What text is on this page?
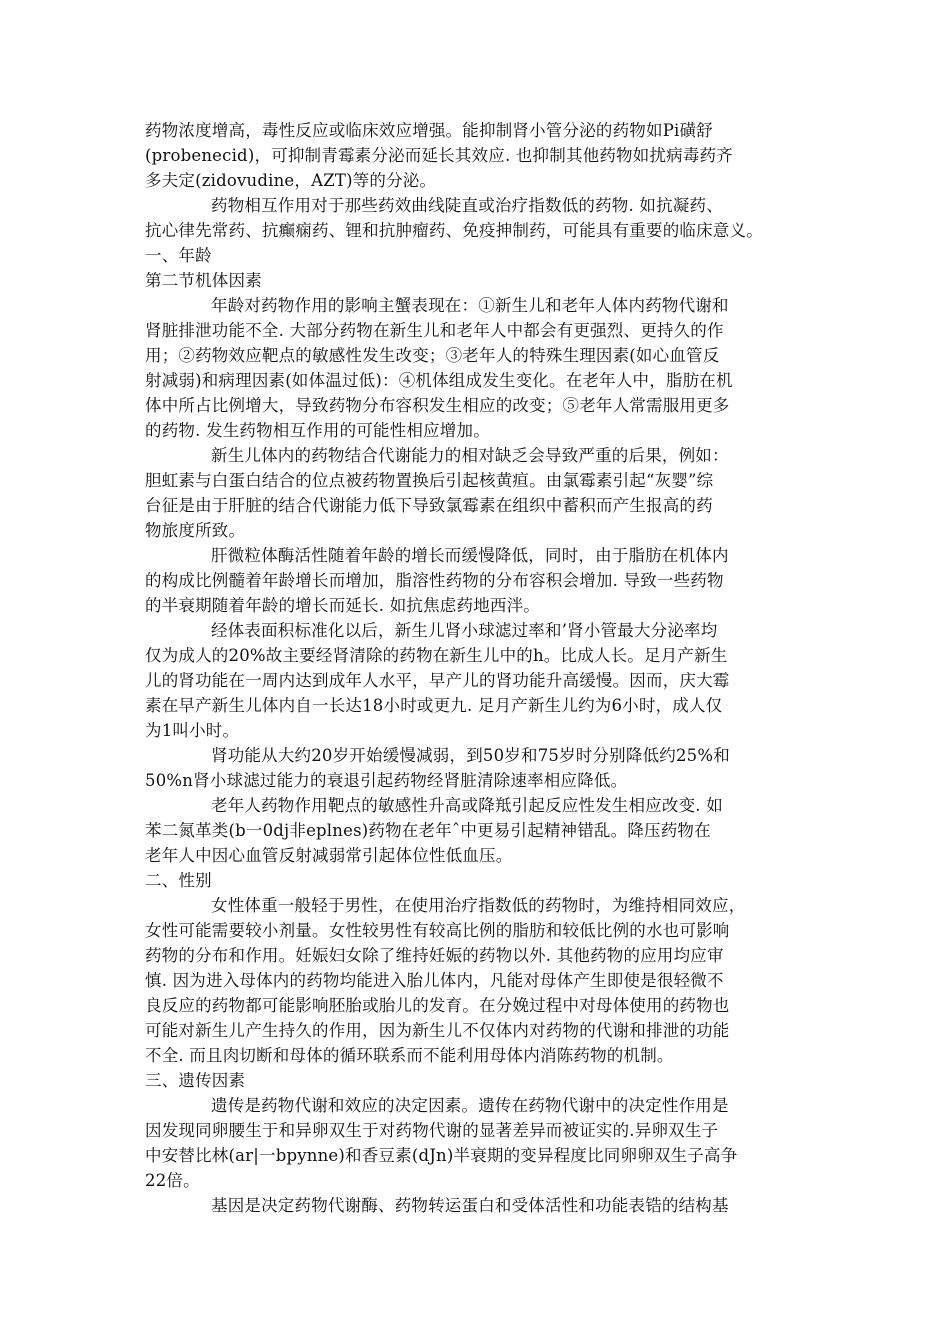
药物浓度增高，毒性反应或临床效应增强。能抑制肾小管分泌的药物如Pi磺舒
(probenecid)，可抑制青霉素分泌而延长其效应. 也抑制其他药物如扰病毒药齐
多夫定(zidovudine，AZT)等的分泌。
药物相互作用对于那些药效曲线陡直或治疗指数低的药物. 如抗凝药、
抗心律先常药、抗癫痫药、锂和抗肿瘤药、免疫抻制药，可能具有重要的临床意义。
一、年龄
第二节机体因素
年龄对药物作用的影响主蟹表现在：①新生儿和老年人体内药物代谢和
肾脏排泄功能不全. 大部分药物在新生儿和老年人中都会有更强烈、更持久的作
用；②药物效应靶点的敏感性发生改变；③老年人的特殊生理因素(如心血管反
射减弱)和病理因素(如体温过低)：④机体组成发生变化。在老年人中，脂肪在机
体中所占比例增大，导致药物分布容积发生相应的改变；⑤老年人常需服用更多
的药物. 发生药物相互作用的可能性相应增加。
新生儿体内的药物结合代谢能力的相对缺乏会导致严重的后果，例如：
胆虹素与白蛋白结合的位点被药物置换后引起核黄疸。由氯霉素引起“灰婴”综
台征是由于肝脏的结合代谢能力低下导致氯霉素在组织中蓄积而产生报高的药
物旅度所致。
肝微粒体酶活性随着年龄的增长而缓慢降低，同时，由于脂肪在机体内
的构成比例髓着年龄增长而增加，脂溶性药物的分布容积会增加. 导致一些药物
的半衰期随着年龄的增长而延长. 如抗焦虑药地西泮。
经体表面积标准化以后，新生儿肾小球滤过率和’肾小管最大分泌率均
仅为成人的20%故主要经肾清除的药物在新生儿中的h。比成人长。足月产新生
儿的肾功能在一周内达到成年人水平，早产儿的肾功能升高缓慢。因而，庆大霉
素在早产新生儿体内自一长达18小时或更九. 足月产新生儿约为6小时，成人仅
为1叫小时。
肾功能从大约20岁开始缓慢减弱，到50岁和75岁时分别降低约25%和
50%n肾小球滤过能力的衰退引起药物经肾脏清除速率相应降低。
老年人药物作用靶点的敏感性升高或降羝引起反应性发生相应改变. 如
苯二氮革类(b一0dj非eplnes)药物在老年ˆ中更易引起精神错乱。降压药物在
老年人中因心血管反射减弱常引起体位性低血压。
二、性别
女性体重一般轻于男性，在使用治疗指数低的药物时，为维持相同效应，
女性可能需要较小剂量。女性较男性有较高比例的脂肪和较低比例的水也可影响
药物的分布和作用。妊娠妇女除了维持妊娠的药物以外. 其他药物的应用均应审
慎. 因为进入母体内的药物均能进入胎儿体内，凡能对母体产生即使是很轻微不
良反应的药物都可能影响胚胎或胎儿的发育。在分娩过程中对母体使用的药物也
可能对新生儿产生持久的作用，因为新生儿不仅体内对药物的代谢和排泄的功能
不全. 而且肉切断和母体的循环联系而不能利用母体内消陈药物的机制。
三、遗传因素
遗传是药物代谢和效应的决定因素。遗传在药物代谢中的决定性作用是
因发现同卵腰生于和异卵双生于对药物代谢的显著差异而被证实的.异卵双生子
中安替比林(ar|一bpynne)和香豆素(dJn)半衰期的变异程度比同卵卵双生子高争
22倍。
基因是决定药物代谢酶、药物转运蛋白和受体活性和功能表锆的结构基
